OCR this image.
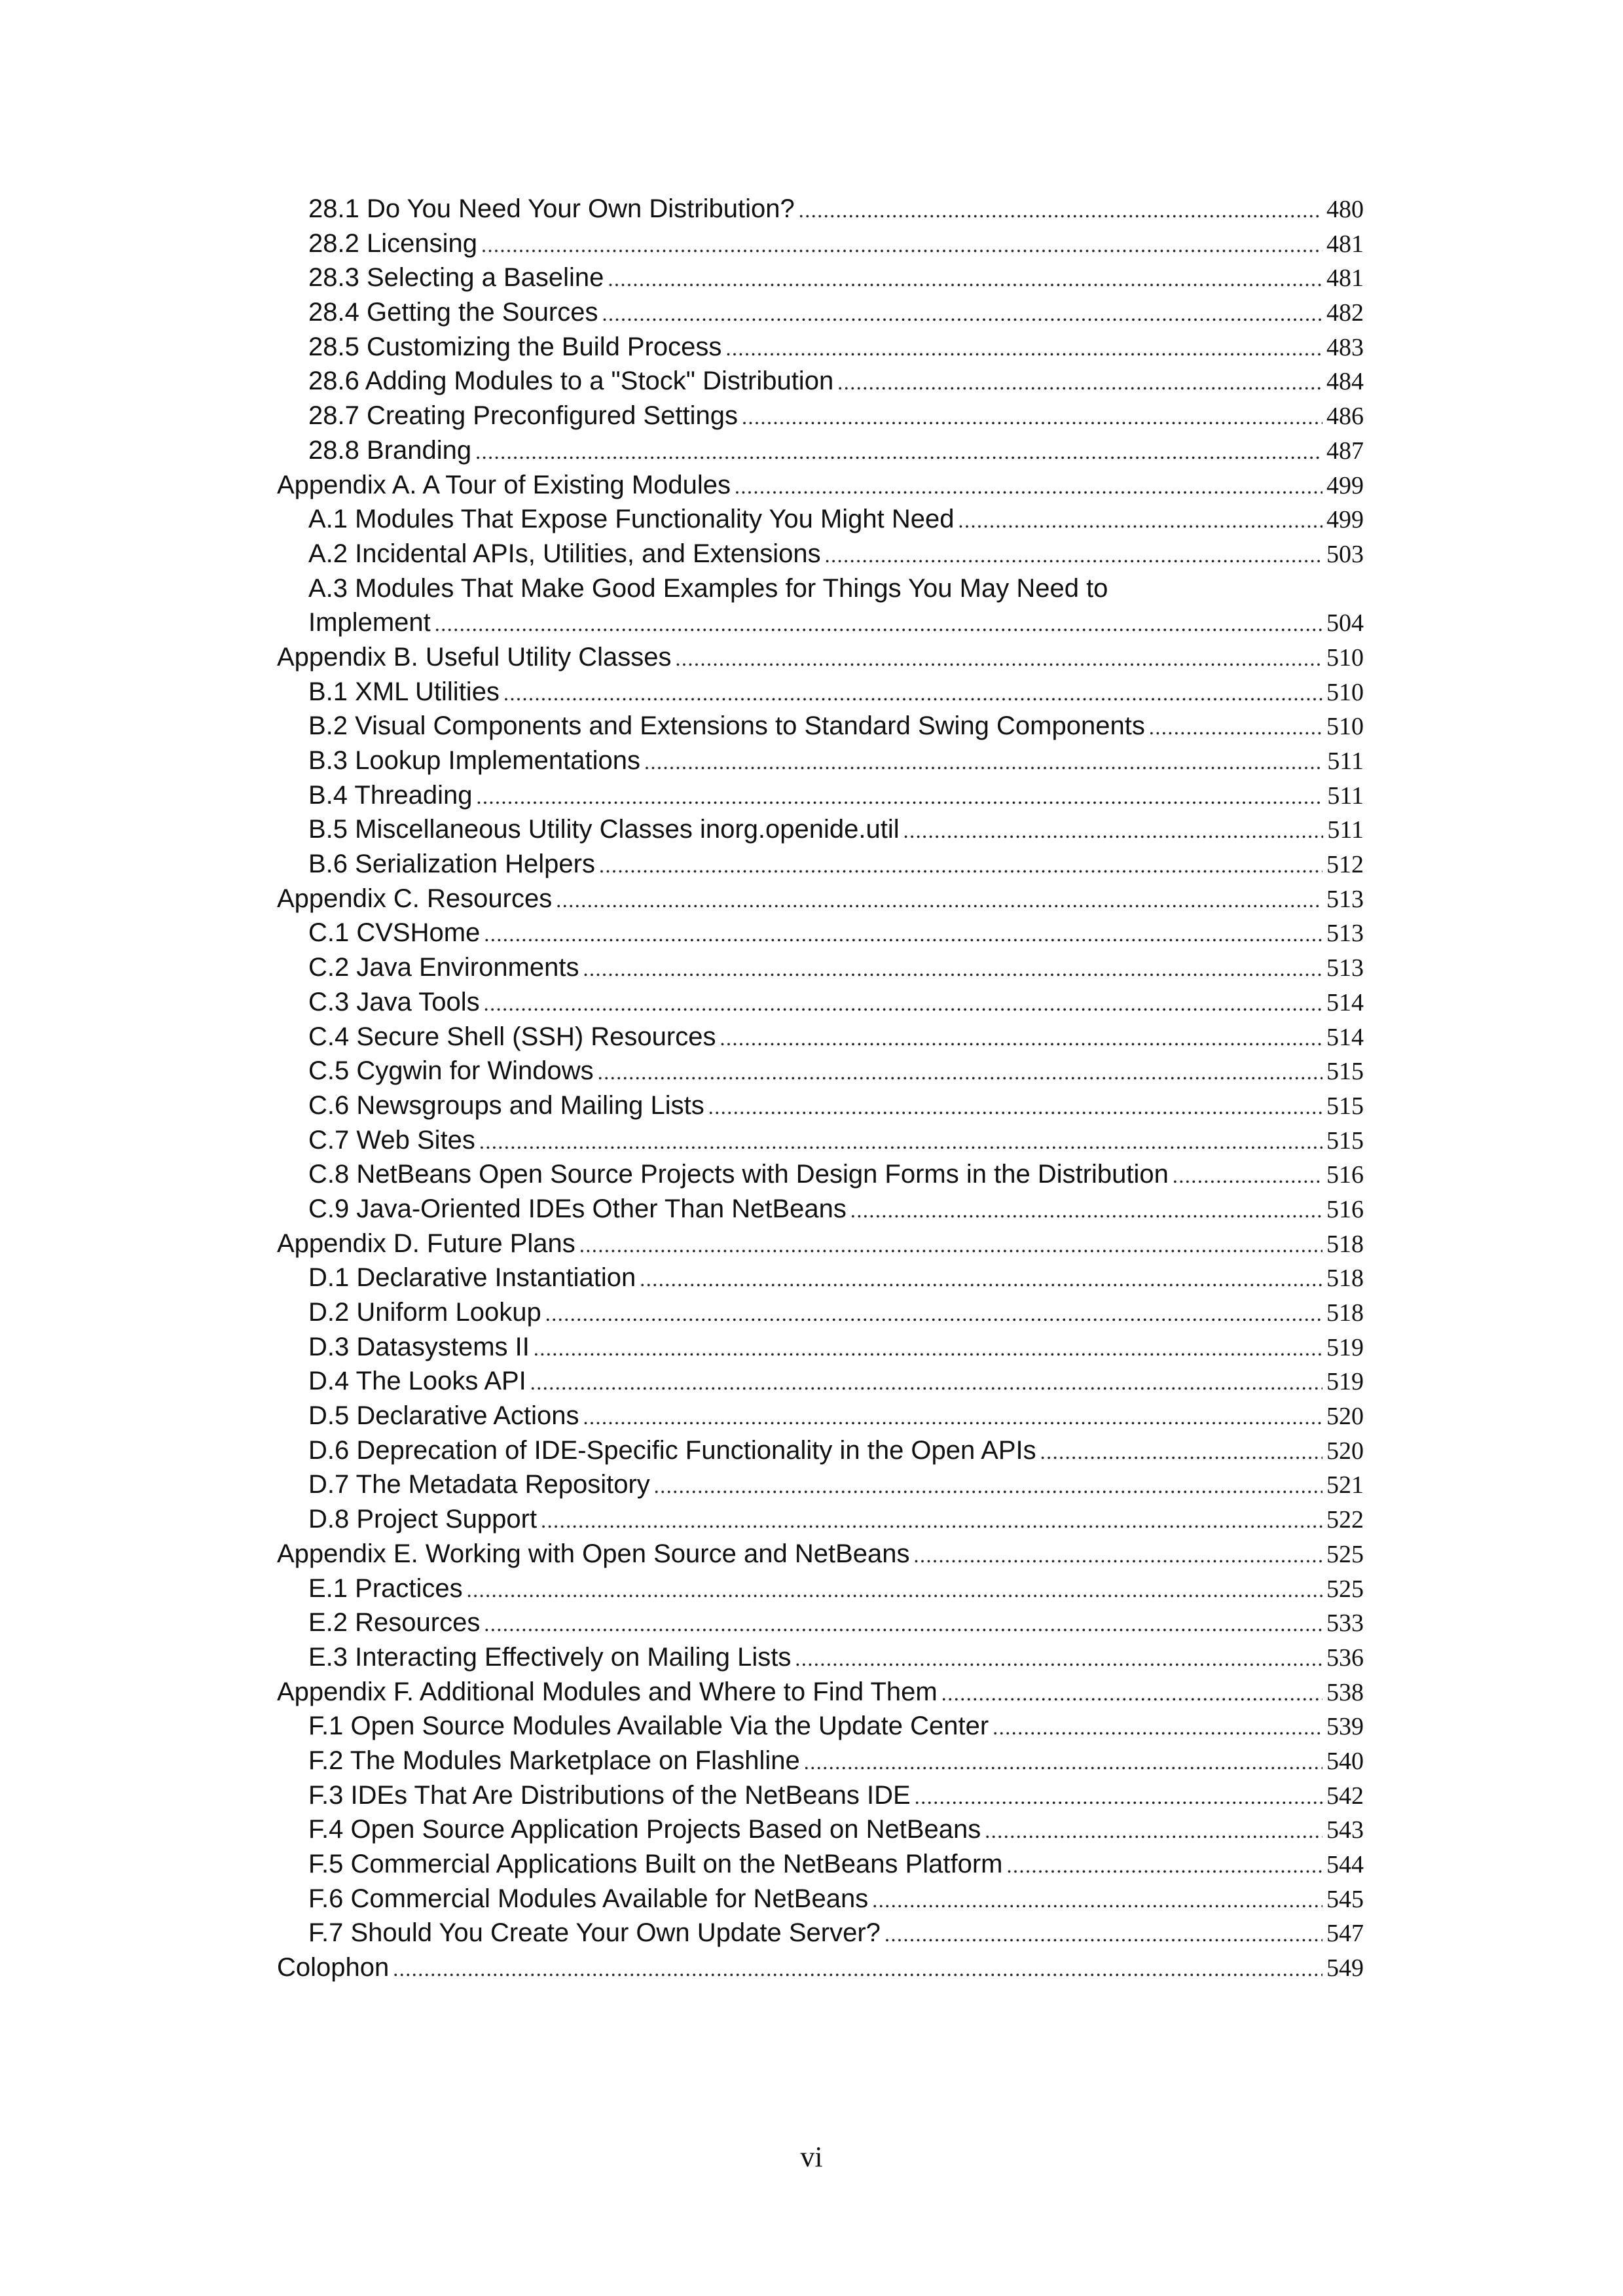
28.1 Do You Need Your Own Distribution? .....	480
28.2 Licensing .....	481
28.3 Selecting a Baseline .....	481
28.4 Getting the Sources .....	482
28.5 Customizing the Build Process .....	483
28.6 Adding Modules to a "Stock" Distribution .....	484
28.7 Creating Preconfigured Settings .....	486
28.8 Branding .....	487
Appendix A. A Tour of Existing Modules .....	499
A.1 Modules That Expose Functionality You Might Need .....	499
A.2 Incidental APIs, Utilities, and Extensions .....	503
A.3 Modules That Make Good Examples for Things You May Need to
Implement .....	504
Appendix B. Useful Utility Classes .....	510
B.1 XML Utilities .....	510
B.2 Visual Components and Extensions to Standard Swing Components .....	510
B.3 Lookup Implementations .....	511
B.4 Threading .....	511
B.5 Miscellaneous Utility Classes inorg.openide.util .....	511
B.6 Serialization Helpers .....	512
Appendix C. Resources .....	513
C.1 CVSHome .....	513
C.2 Java Environments .....	513
C.3 Java Tools .....	514
C.4 Secure Shell (SSH) Resources .....	514
C.5 Cygwin for Windows .....	515
C.6 Newsgroups and Mailing Lists .....	515
C.7 Web Sites .....	515
C.8 NetBeans Open Source Projects with Design Forms in the Distribution .....	516
C.9 Java-Oriented IDEs Other Than NetBeans .....	516
Appendix D. Future Plans .....	518
D.1 Declarative Instantiation .....	518
D.2 Uniform Lookup .....	518
D.3 Datasystems II .....	519
D.4 The Looks API .....	519
D.5 Declarative Actions .....	520
D.6 Deprecation of IDE-Specific Functionality in the Open APIs .....	520
D.7 The Metadata Repository .....	521
D.8 Project Support .....	522
Appendix E. Working with Open Source and NetBeans .....	525
E.1 Practices .....	525
E.2 Resources .....	533
E.3 Interacting Effectively on Mailing Lists .....	536
Appendix F. Additional Modules and Where to Find Them .....	538
F.1 Open Source Modules Available Via the Update Center .....	539
F.2 The Modules Marketplace on Flashline .....	540
F.3 IDEs That Are Distributions of the NetBeans IDE .....	542
F.4 Open Source Application Projects Based on NetBeans .....	543
F.5 Commercial Applications Built on the NetBeans Platform .....	544
F.6 Commercial Modules Available for NetBeans .....	545
F.7 Should You Create Your Own Update Server? .....	547
Colophon .....	549
vi
